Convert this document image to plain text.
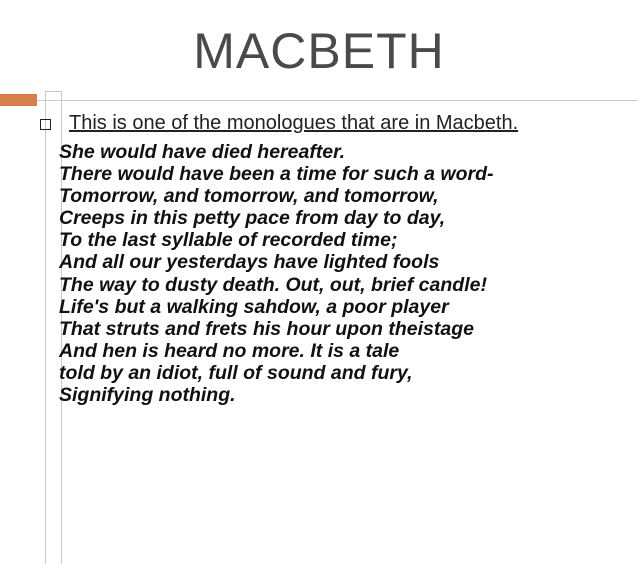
MACBETH
This is one of the monologues that are in Macbeth.
She would have died hereafter.
There would have been a time for such a word-
Tomorrow, and tomorrow, and tomorrow,
Creeps in this petty pace from day to day,
To the last syllable of recorded time;
And all our yesterdays have lighted fools
The way to dusty death. Out, out, brief candle!
Life's but a walking sahdow, a poor player
That struts and frets his hour upon theistage
And hen is heard no more. It is a tale
told by an idiot, full of sound and fury,
Signifying nothing.
